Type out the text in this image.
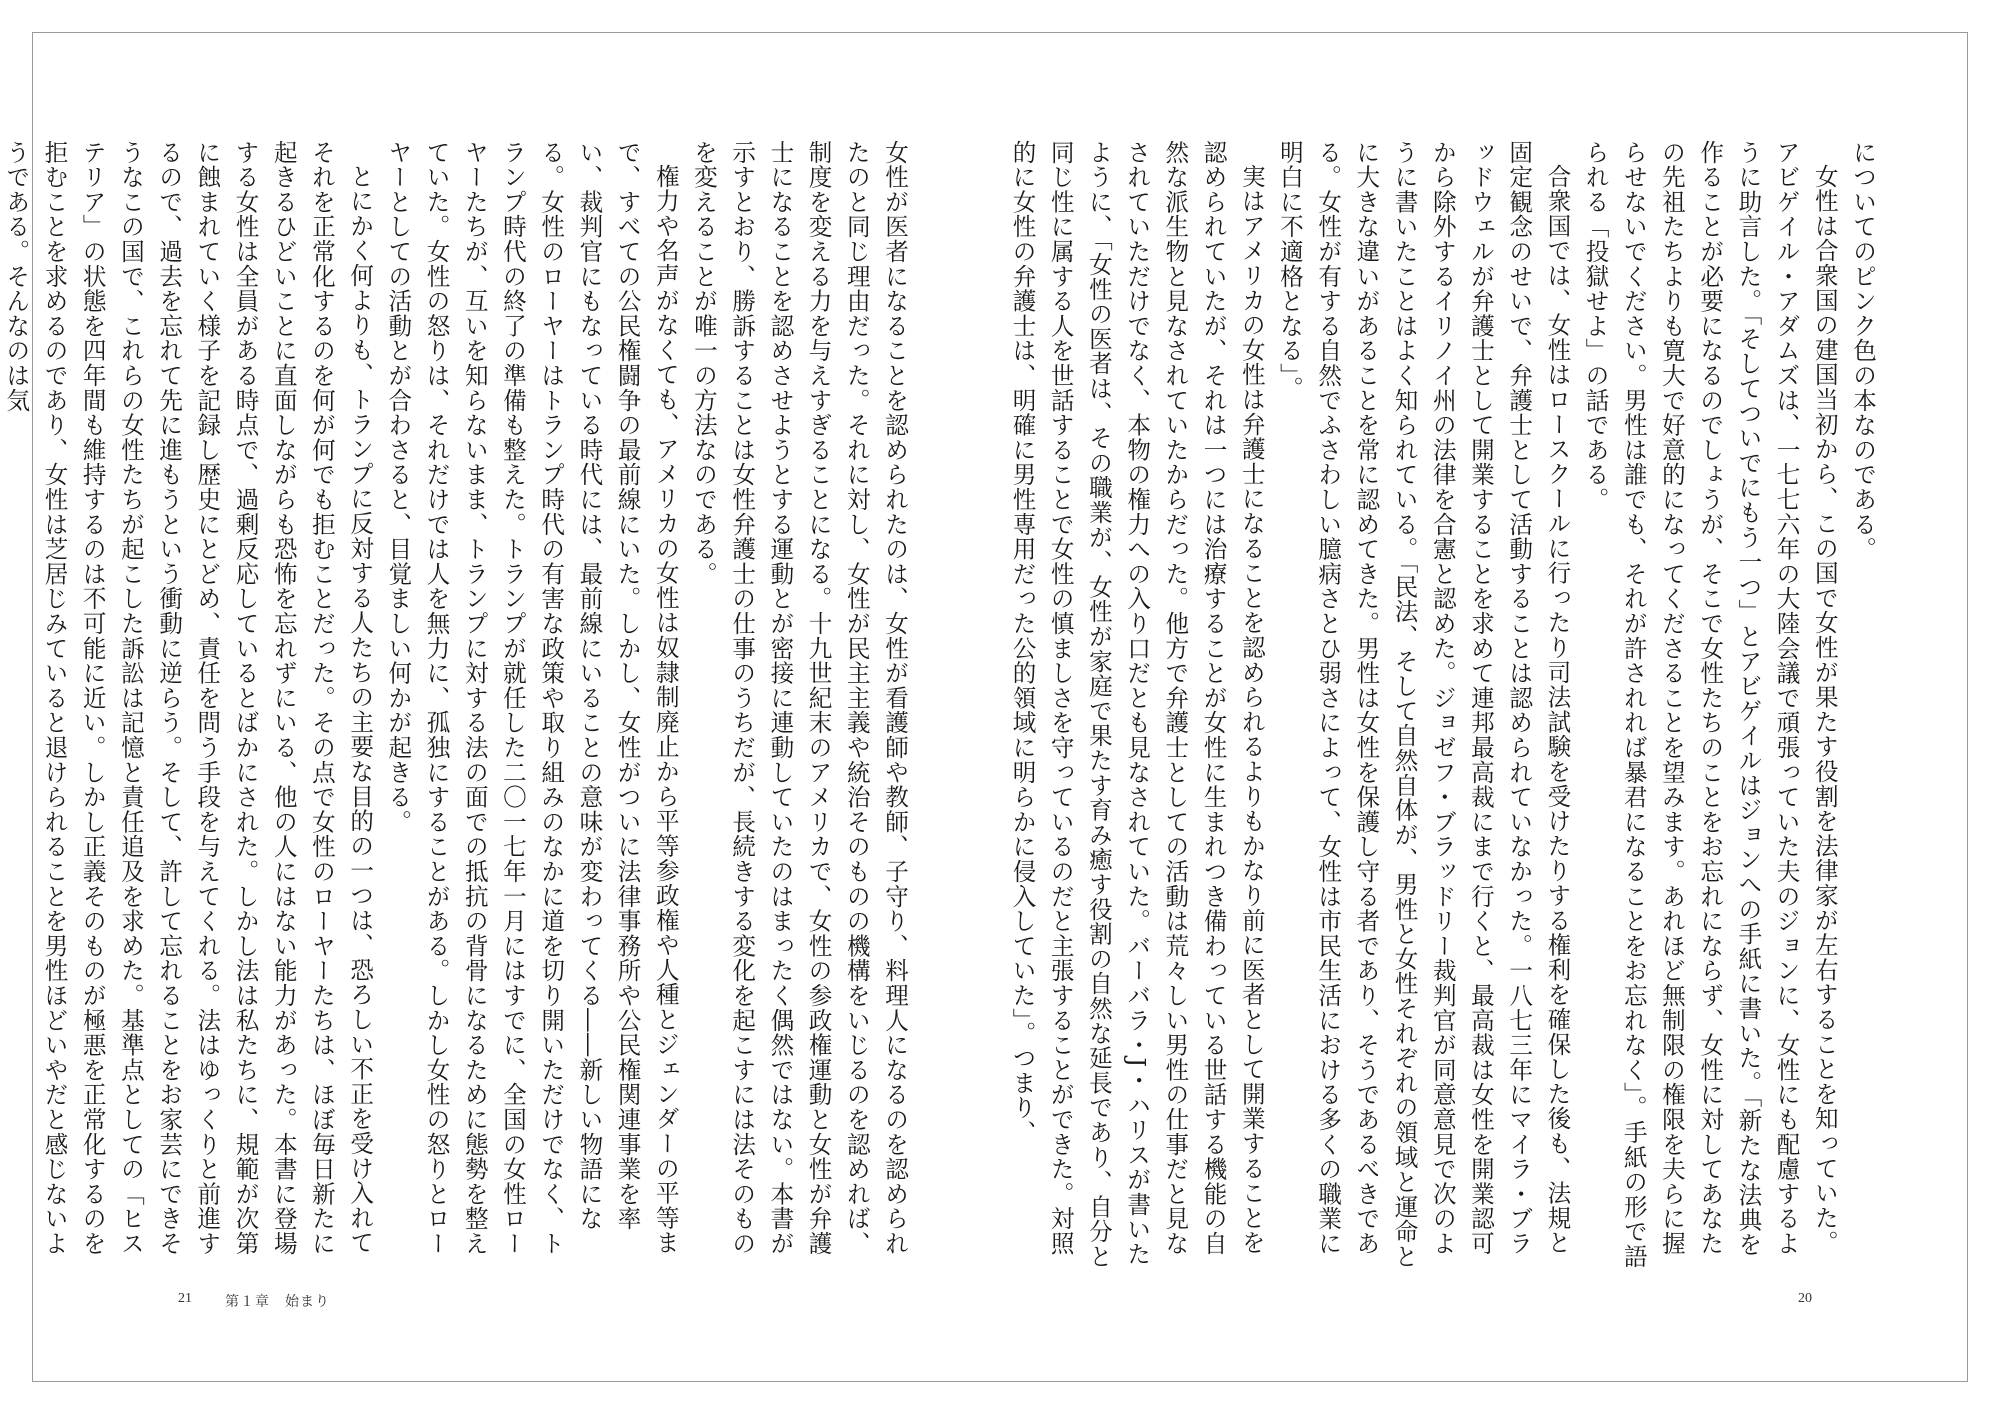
についてのピンク色の本なのである。

女性は合衆国の建国当初から、この国で女性が果たす役割を法律家が左右することを知っていた。アビゲイル・アダムズは、一七七六年の大陸会議で頑張っていた夫のジョンに、女性にも配慮するように助言した。「そしてついでにもう一つ」とアビゲイルはジョンへの手紙に書いた。「新たな法典を作ることが必要になるのでしょうが、そこで女性たちのことをお忘れにならず、女性に対してあなたの先祖たちよりも寛大で好意的になってくださることを望みます。あれほど無制限の権限を夫らに握らせないでください。男性は誰でも、それが許されれば暴君になることをお忘れなく」。手紙の形で語られる「投獄せよ」の話である。

合衆国では、女性はロースクールに行ったり司法試験を受けたりする権利を確保した後も、法規と固定観念のせいで、弁護士として活動することは認められていなかった。一八七三年にマイラ・ブラッドウェルが弁護士として開業することを求めて連邦最高裁にまで行くと、最高裁は女性を開業認可から除外するイリノイ州の法律を合憲と認めた。ジョゼフ・ブラッドリー裁判官が同意意見で次のように書いたことはよく知られている。「民法、そして自然自体が、男性と女性それぞれの領域と運命とに大きな違いがあることを常に認めてきた。男性は女性を保護し守る者であり、そうであるべきである。女性が有する自然でふさわしい臆病さとひ弱さによって、女性は市民生活における多くの職業に明白に不適格となる」。

実はアメリカの女性は弁護士になることを認められるよりもかなり前に医者として開業することを認められていたが、それは一つには治療することが女性に生まれつき備わっている世話する機能の自然な派生物と見なされていたからだった。他方で弁護士としての活動は荒々しい男性の仕事だと見なされていただけでなく、本物の権力への入り口だとも見なされていた。バーバラ・J・ハリスが書いたように、「女性の医者は、その職業が、女性が家庭で果たす育み癒す役割の自然な延長であり、自分と同じ性に属する人を世話することで女性の慎ましさを守っているのだと主張することができた。対照的に女性の弁護士は、明確に男性専用だった公的領域に明らかに侵入していた」。つまり、

20

女性が医者になることを認められたのは、女性が看護師や教師、子守り、料理人になるのを認められたのと同じ理由だった。それに対し、女性が民主主義や統治そのものの機構をいじるのを認めれば、制度を変える力を与えすぎることになる。十九世紀末のアメリカで、女性の参政権運動と女性が弁護士になることを認めさせようとする運動とが密接に連動していたのはまったく偶然ではない。本書が示すとおり、勝訴することは女性弁護士の仕事のうちだが、長続きする変化を起こすには法そのものを変えることが唯一の方法なのである。

権力や名声がなくても、アメリカの女性は奴隷制廃止から平等参政権や人種とジェンダーの平等まで、すべての公民権闘争の最前線にいた。しかし、女性がついに法律事務所や公民権関連事業を率い、裁判官にもなっている時代には、最前線にいることの意味が変わってくる――新しい物語になる。女性のローヤーはトランプ時代の有害な政策や取り組みのなかに道を切り開いただけでなく、トランプ時代の終了の準備も整えた。トランプが就任した二〇一七年一月にはすでに、全国の女性ローヤーたちが、互いを知らないまま、トランプに対する法の面での抵抗の背骨になるために態勢を整えていた。女性の怒りは、それだけでは人を無力に、孤独にすることがある。しかし女性の怒りとローヤーとしての活動とが合わさると、目覚ましい何かが起きる。

とにかく何よりも、トランプに反対する人たちの主要な目的の一つは、恐ろしい不正を受け入れてそれを正常化するのを何が何でも拒むことだった。その点で女性のローヤーたちは、ほぼ毎日新たに起きるひどいことに直面しながらも恐怖を忘れずにいる、他の人にはない能力があった。本書に登場する女性は全員がある時点で、過剰反応しているとばかにされた。しかし法は私たちに、規範が次第に蝕まれていく様子を記録し歴史にとどめ、責任を問う手段を与えてくれる。法はゆっくりと前進するので、過去を忘れて先に進もうという衝動に逆らう。そして、許して忘れることをお家芸にできそうなこの国で、これらの女性たちが起こした訴訟は記憶と責任追及を求めた。基準点としての「ヒステリア」の状態を四年間も維持するのは不可能に近い。しかし正義そのものが極悪を正常化するのを拒むことを求めるのであり、女性は芝居じみていると退けられることを男性ほどいやだと感じないようである。そんなのは気

21 第１章　始まり
